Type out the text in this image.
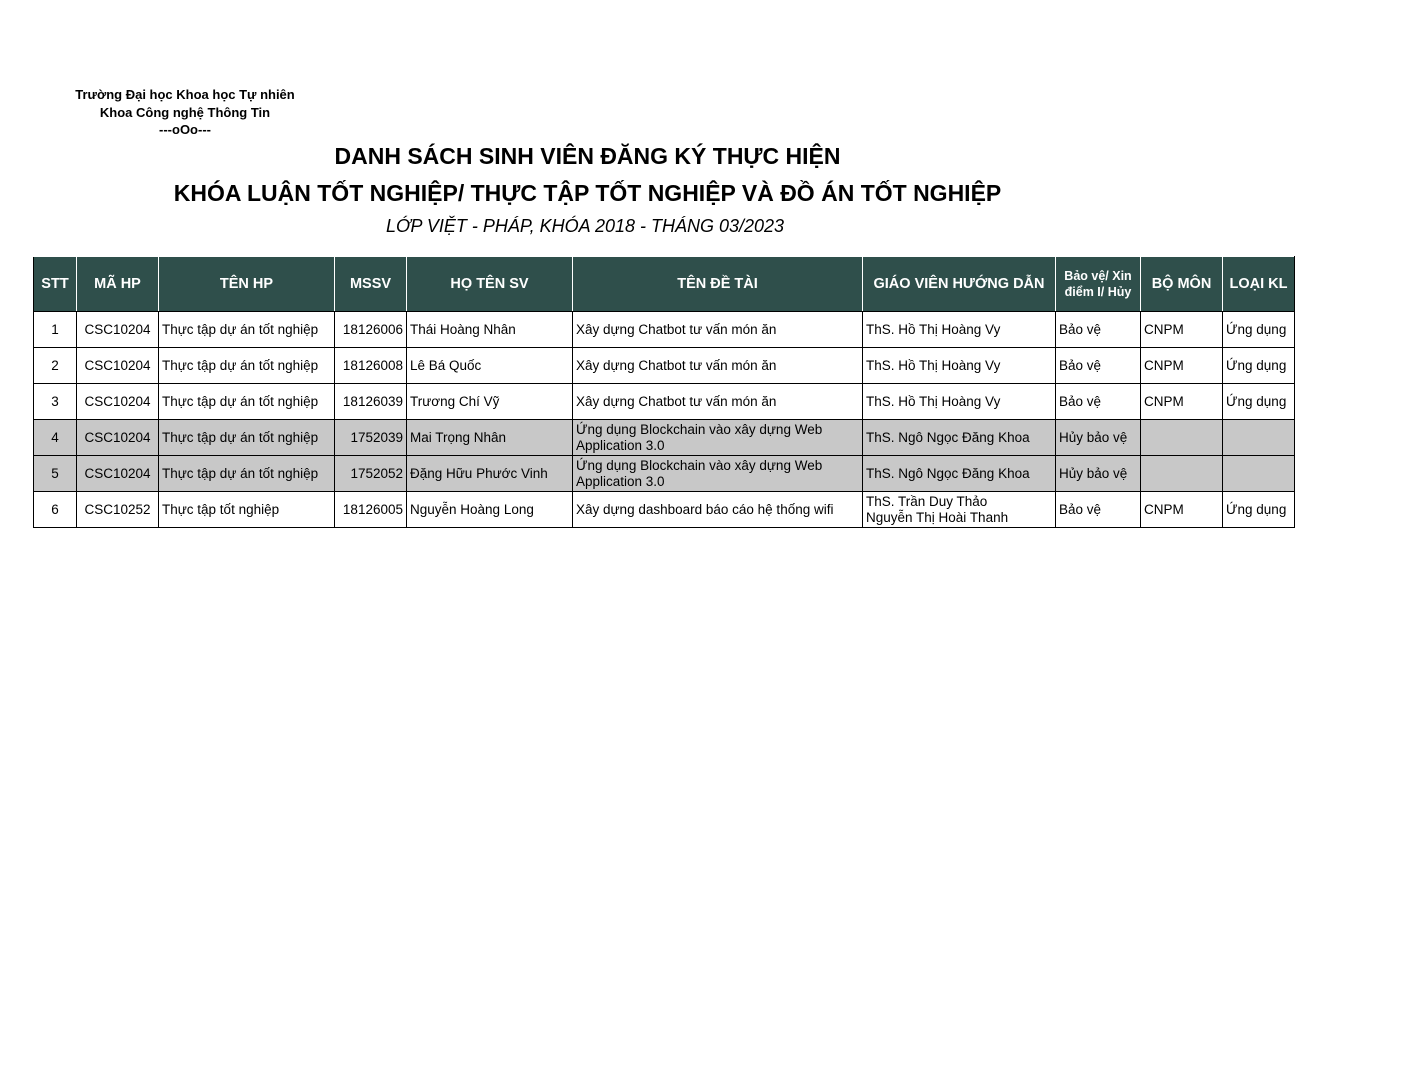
Trường Đại học Khoa học Tự nhiên
Khoa Công nghệ Thông Tin
---oOo---
DANH SÁCH SINH VIÊN ĐĂNG KÝ THỰC HIỆN
KHÓA LUẬN TỐT NGHIỆP/ THỰC TẬP TỐT NGHIỆP VÀ ĐỒ ÁN TỐT NGHIỆP
LỚP VIỆT - PHÁP, KHÓA 2018 - THÁNG 03/2023
STT	MÃ HP	TÊN HP	MSSV	HỌ TÊN SV	TÊN ĐỀ TÀI	GIÁO VIÊN HƯỚNG DẪN	Bảo vệ/ Xin
điểm I/ Hủy	BỘ MÔN	LOẠI KL
1	CSC10204	Thực tập dự án tốt nghiệp	18126006	Thái Hoàng Nhân	Xây dựng Chatbot tư vấn món ăn	ThS. Hồ Thị Hoàng Vy	Bảo vệ	CNPM	Ứng dụng
2	CSC10204	Thực tập dự án tốt nghiệp	18126008	Lê Bá Quốc	Xây dựng Chatbot tư vấn món ăn	ThS. Hồ Thị Hoàng Vy	Bảo vệ	CNPM	Ứng dụng
3	CSC10204	Thực tập dự án tốt nghiệp	18126039	Trương Chí Vỹ	Xây dựng Chatbot tư vấn món ăn	ThS. Hồ Thị Hoàng Vy	Bảo vệ	CNPM	Ứng dụng
4	CSC10204	Thực tập dự án tốt nghiệp	1752039	Mai Trọng Nhân	Ứng dụng Blockchain vào xây dựng Web
Application 3.0	ThS. Ngô Ngọc Đăng Khoa	Hủy bảo vệ		
5	CSC10204	Thực tập dự án tốt nghiệp	1752052	Đặng Hữu Phước Vinh	Ứng dụng Blockchain vào xây dựng Web
Application 3.0	ThS. Ngô Ngọc Đăng Khoa	Hủy bảo vệ		
6	CSC10252	Thực tập tốt nghiệp	18126005	Nguyễn Hoàng Long	Xây dựng dashboard báo cáo hệ thống wifi	ThS. Trần Duy Thảo
Nguyễn Thị Hoài Thanh	Bảo vệ	CNPM	Ứng dụng
